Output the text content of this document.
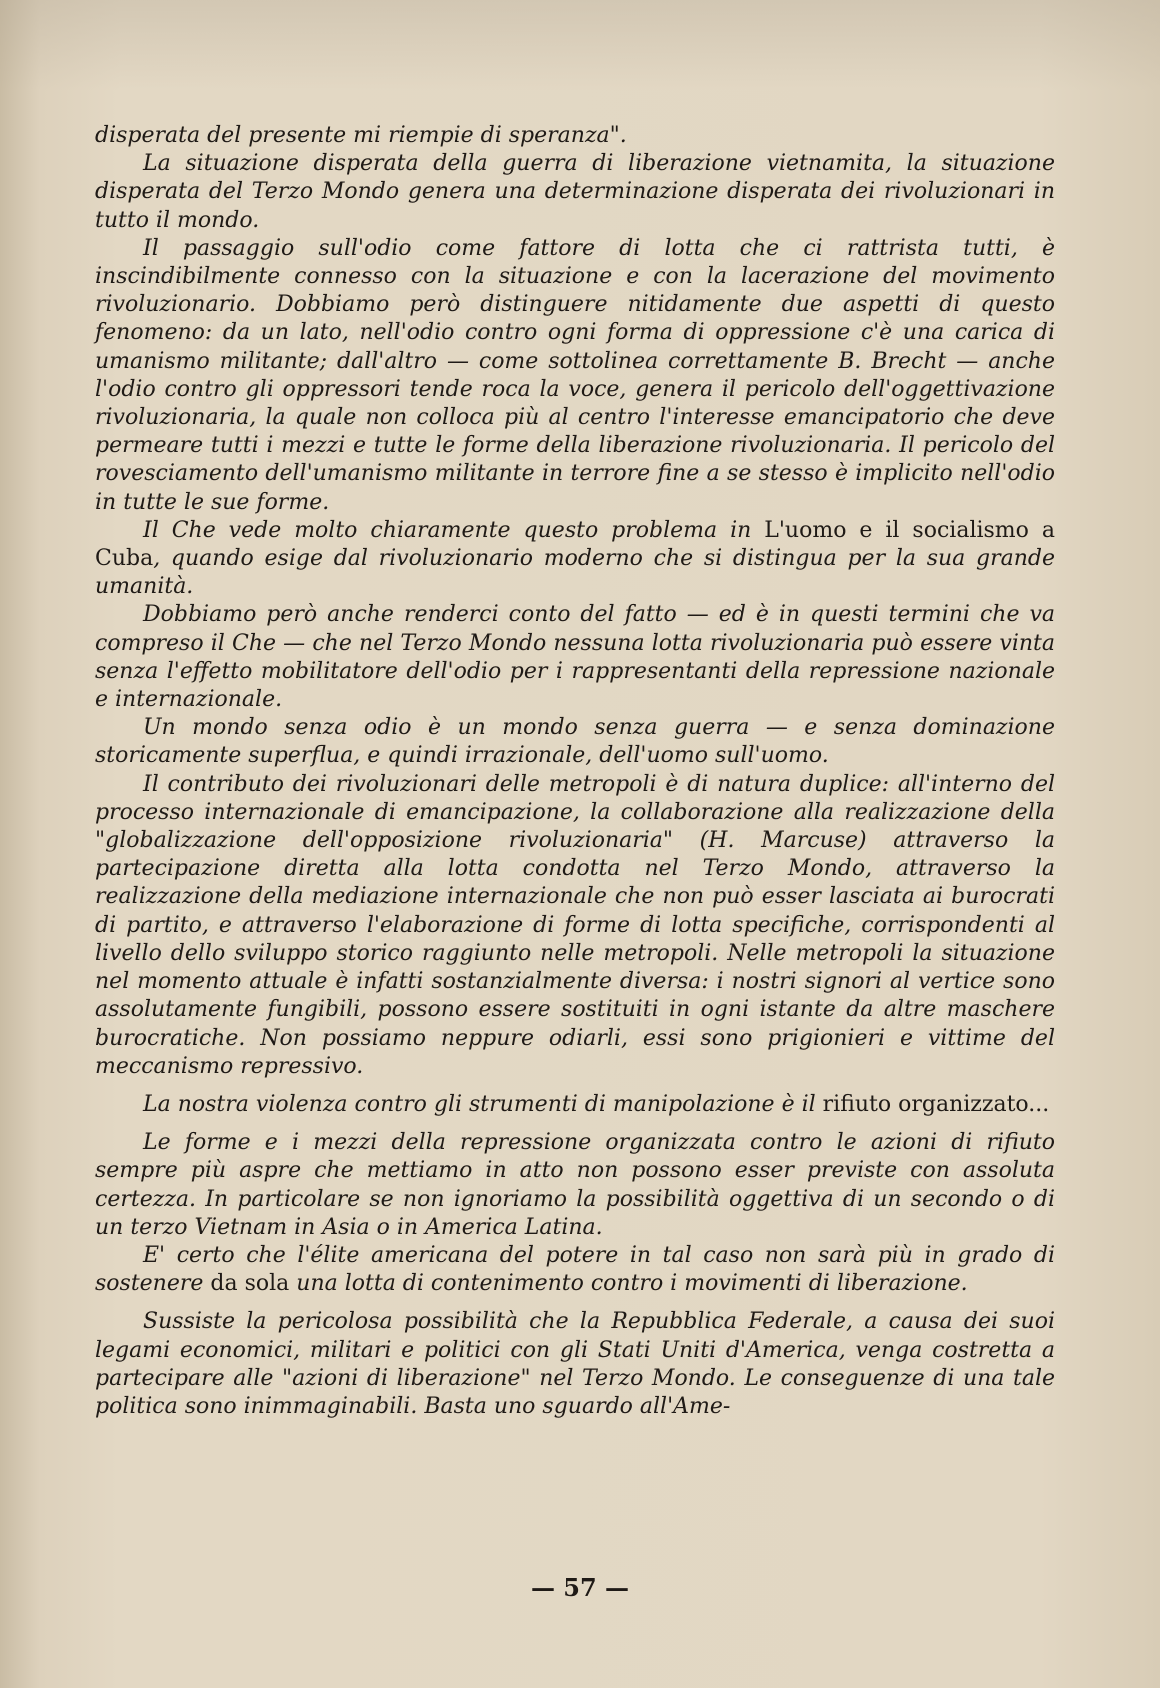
disperata del presente mi riempie di speranza".

La situazione disperata della guerra di liberazione vietnamita, la situazione disperata del Terzo Mondo genera una determinazione disperata dei rivoluzionari in tutto il mondo.

Il passaggio sull'odio come fattore di lotta che ci rattrista tutti, è inscindibilmente connesso con la situazione e con la lacerazione del movimento rivoluzionario. Dobbiamo però distinguere nitidamente due aspetti di questo fenomeno: da un lato, nell'odio contro ogni forma di oppressione c'è una carica di umanismo militante; dall'altro — come sottolinea correttamente B. Brecht — anche l'odio contro gli oppressori tende roca la voce, genera il pericolo dell'oggettivazione rivoluzionaria, la quale non colloca più al centro l'interesse emancipatorio che deve permeare tutti i mezzi e tutte le forme della liberazione rivoluzionaria. Il pericolo del rovesciamento dell'umanismo militante in terrore fine a se stesso è implicito nell'odio in tutte le sue forme.

Il Che vede molto chiaramente questo problema in L'uomo e il socialismo a Cuba, quando esige dal rivoluzionario moderno che si distingua per la sua grande umanità.

Dobbiamo però anche renderci conto del fatto — ed è in questi termini che va compreso il Che — che nel Terzo Mondo nessuna lotta rivoluzionaria può essere vinta senza l'effetto mobilitatore dell'odio per i rappresentanti della repressione nazionale e internazionale.

Un mondo senza odio è un mondo senza guerra — e senza dominazione storicamente superflua, e quindi irrazionale, dell'uomo sull'uomo.

Il contributo dei rivoluzionari delle metropoli è di natura duplice: all'interno del processo internazionale di emancipazione, la collaborazione alla realizzazione della "globalizzazione dell'opposizione rivoluzionaria" (H. Marcuse) attraverso la partecipazione diretta alla lotta condotta nel Terzo Mondo, attraverso la realizzazione della mediazione internazionale che non può esser lasciata ai burocrati di partito, e attraverso l'elaborazione di forme di lotta specifiche, corrispondenti al livello dello sviluppo storico raggiunto nelle metropoli. Nelle metropoli la situazione nel momento attuale è infatti sostanzialmente diversa: i nostri signori al vertice sono assolutamente fungibili, possono essere sostituiti in ogni istante da altre maschere burocratiche. Non possiamo neppure odiarli, essi sono prigionieri e vittime del meccanismo repressivo.

La nostra violenza contro gli strumenti di manipolazione è il rifiuto organizzato...

Le forme e i mezzi della repressione organizzata contro le azioni di rifiuto sempre più aspre che mettiamo in atto non possono esser previste con assoluta certezza. In particolare se non ignoriamo la possibilità oggettiva di un secondo o di un terzo Vietnam in Asia o in America Latina.

E' certo che l'élite americana del potere in tal caso non sarà più in grado di sostenere da sola una lotta di contenimento contro i movimenti di liberazione.

Sussiste la pericolosa possibilità che la Repubblica Federale, a causa dei suoi legami economici, militari e politici con gli Stati Uniti d'America, venga costretta a partecipare alle "azioni di liberazione" nel Terzo Mondo. Le conseguenze di una tale politica sono inimmaginabili. Basta uno sguardo all'Ame-

— 57 —
